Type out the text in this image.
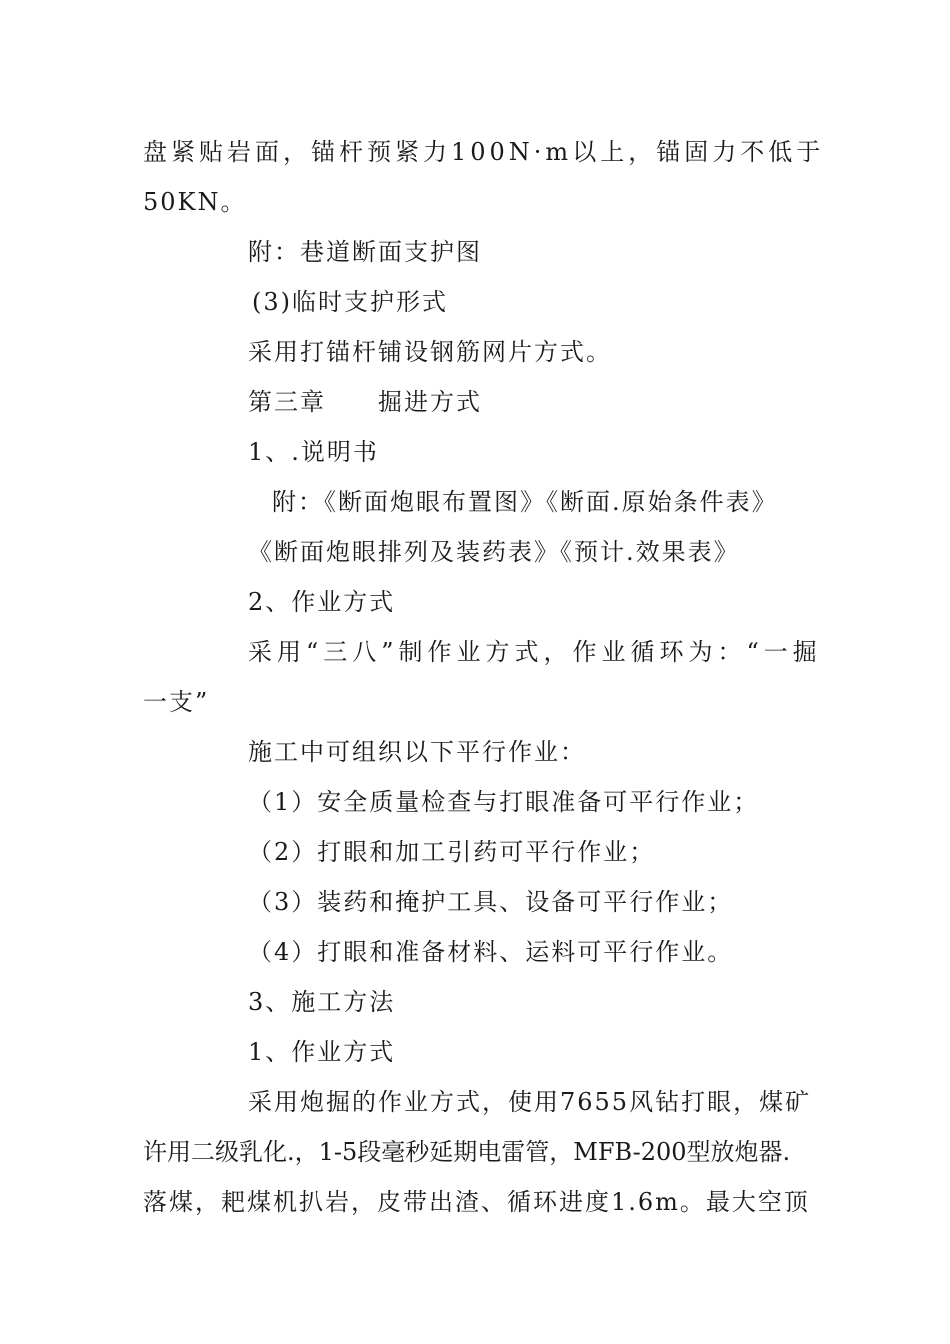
盘紧贴岩面，锚杆预紧力100N·m以上，锚固力不低于
50KN。
附：巷道断面支护图
(3)临时支护形式
采用打锚杆铺设钢筋网片方式。
第三章　　掘进方式
1、.说明书
附：《断面炮眼布置图》《断面.原始条件表》
《断面炮眼排列及装药表》《预计.效果表》
2、作业方式
采用“三八”制作业方式，作业循环为：“一掘
一支”
施工中可组织以下平行作业：
（1）安全质量检查与打眼准备可平行作业；
（2）打眼和加工引药可平行作业；
（3）装药和掩护工具、设备可平行作业；
（4）打眼和准备材料、运料可平行作业。
3、施工方法
1、作业方式
采用炮掘的作业方式，使用7655风钻打眼，煤矿
许用二级乳化.，1-5段毫秒延期电雷管，MFB-200型放炮器.
落煤，耙煤机扒岩，皮带出渣、循环进度1.6m。最大空顶
